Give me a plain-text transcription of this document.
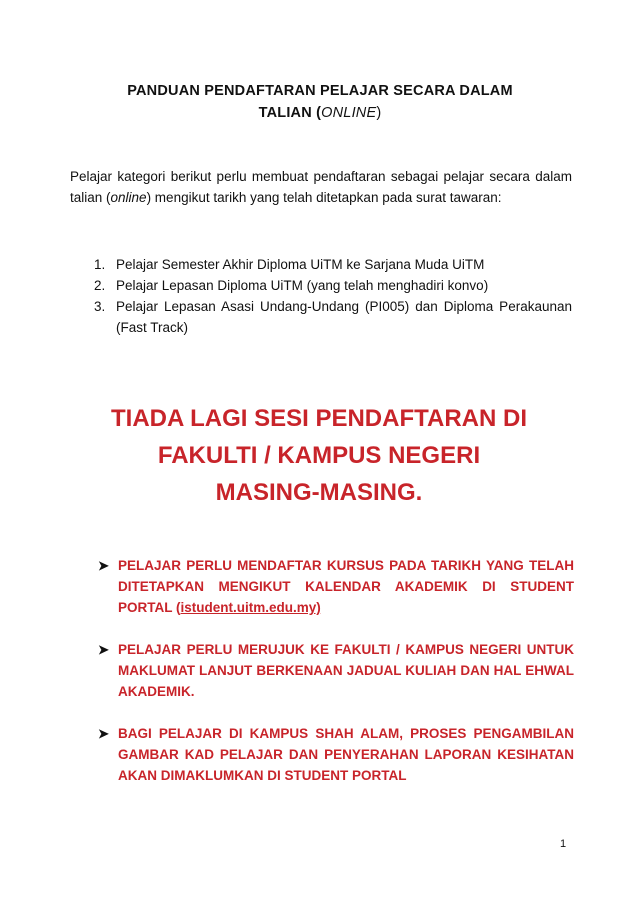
PANDUAN PENDAFTARAN PELAJAR SECARA DALAM
TALIAN (ONLINE)
Pelajar kategori berikut perlu membuat pendaftaran sebagai pelajar secara dalam talian (online) mengikut tarikh yang telah ditetapkan pada surat tawaran:
1. Pelajar Semester Akhir Diploma UiTM ke Sarjana Muda UiTM
2. Pelajar Lepasan Diploma UiTM (yang telah menghadiri konvo)
3. Pelajar Lepasan Asasi Undang-Undang (PI005) dan Diploma Perakaunan (Fast Track)
TIADA LAGI SESI PENDAFTARAN DI
FAKULTI / KAMPUS NEGERI
MASING-MASING.
➤ PELAJAR PERLU MENDAFTAR KURSUS PADA TARIKH YANG TELAH DITETAPKAN MENGIKUT KALENDAR AKADEMIK DI STUDENT PORTAL (istudent.uitm.edu.my)
➤ PELAJAR PERLU MERUJUK KE FAKULTI / KAMPUS NEGERI UNTUK MAKLUMAT LANJUT BERKENAAN JADUAL KULIAH DAN HAL EHWAL AKADEMIK.
➤ BAGI PELAJAR DI KAMPUS SHAH ALAM, PROSES PENGAMBILAN GAMBAR KAD PELAJAR DAN PENYERAHAN LAPORAN KESIHATAN AKAN DIMAKLUMKAN DI STUDENT PORTAL
1
